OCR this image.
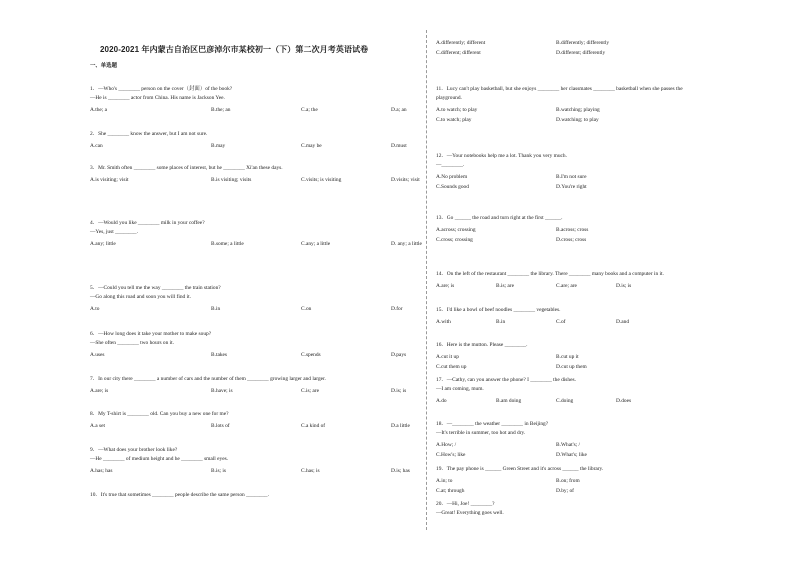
2020-2021 年内蒙古自治区巴彦淖尔市某校初一（下）第二次月考英语试卷
一、单选题
1．—Who's ________ person on the cover（封面）of the book?
—He is ________ actor from China. His name is Jackson Yee.
A.the; a	B.the; an	C.a; the	D.a; an
2．She ________ know the answer, but I am not sure.
A.can	B.may	C.may be	D.must
3．Mr. Smith often ________ some places of interest, but he ________ Xi'an these days.
A.is visiting; visit	B.is visiting; visits	C.visits; is visiting	D.visits; visit
4．—Would you like ________ milk in your coffee?
—Yes, just ________.
A.any; little	B.some; a little	C.any; a little	D. any; a little
5．—Could you tell me the way ________ the train station?
—Go along this road and soon you will find it.
A.to	B.in	C.on	D.for
6．—How long does it take your mother to make soup?
—She often ________ two hours on it.
A.uses	B.takes	C.spends	D.pays
7．In our city there ________ a number of cars and the number of them ________ growing larger and larger.
A.are; is	B.have; is	C.is; are	D.is; is
8．My T-shirt is ________ old. Can you buy a new one for me?
A.a set	B.lots of	C.a kind of	D.a little
9．—What does your brother look like?
—He ________ of medium height and he ________ small eyes.
A.has; has	B.is; is	C.has; is	D.is; has
10．It's true that sometimes ________ people describe the same person ________.
A.differently; different	B.differently; differently
C.different; different	D.different; differently
11．Lucy can't play basketball, but she enjoys ________ her classmates ________ basketball when she passes the
playground.
A.to watch; to play	B.watching; playing
C.to watch; play	D.watching; to play
12．—Your notebooks help me a lot. Thank you very much.
—________.
A.No problem	B.I'm not sure
C.Sounds good	D.You're right
13．Go ______ the road and turn right at the first ______.
A.across; crossing	B.across; cross
C.cross; crossing	D.cross; cross
14．On the left of the restaurant ________ the library. There ________ many books and a computer in it.
A.are; is	B.is; are	C.are; are	D.is; is
15．I'd like a bowl of beef noodles ________ vegetables.
A.with	B.in	C.of	D.and
16．Here is the mutton. Please ________.
A.cut it up	B.cut up it
C.cut them up	D.cut up them
17．—Cathy, can you answer the phone? I ________ the dishes.
—I am coming, mum.
A.do	B.am doing	C.doing	D.does
18．—________ the weather ________ in Beijing?
—It's terrible in summer, too hot and dry.
A.How; /	B.What's; /
C.How's; like	D.What's; like
19．The pay phone is ______ Green Street and it's across ______ the library.
A.in; to	B.on; from
C.at; through	D.by; of
20．—Hi, Joe! ________?
—Great! Everything goes well.
